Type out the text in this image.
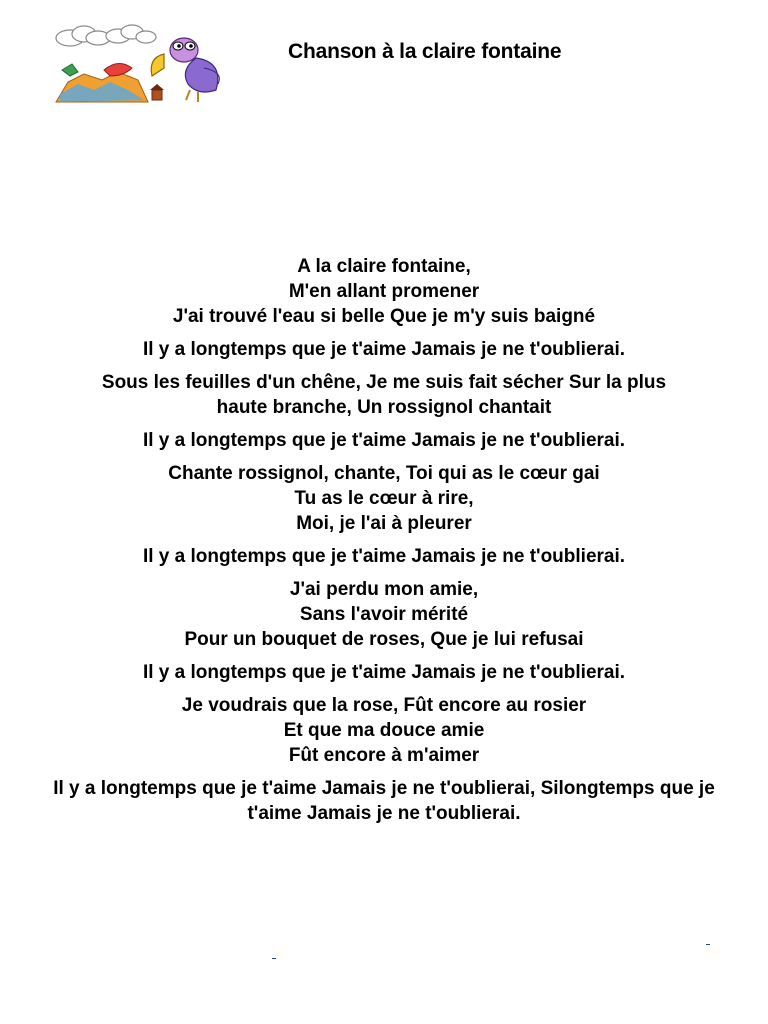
Chanson à la claire fontaine

A la claire fontaine,
M'en allant promener
J'ai trouvé l'eau si belle Que je m'y suis baigné

Il y a longtemps que je t'aime Jamais je ne t'oublierai.

Sous les feuilles d'un chêne, Je me suis fait sécher Sur la plus
haute branche, Un rossignol chantait

Il y a longtemps que je t'aime Jamais je ne t'oublierai.

Chante rossignol, chante, Toi qui as le cœur gai
Tu as le cœur à rire,
Moi, je l'ai à pleurer

Il y a longtemps que je t'aime Jamais je ne t'oublierai.

J'ai perdu mon amie,
Sans l'avoir mérité
Pour un bouquet de roses, Que je lui refusai

Il y a longtemps que je t'aime Jamais je ne t'oublierai.

Je voudrais que la rose, Fût encore au rosier
Et que ma douce amie
Fût encore à m'aimer

Il y a longtemps que je t'aime Jamais je ne t'oublierai, Silongtemps que je t'aime Jamais je ne t'oublierai.
